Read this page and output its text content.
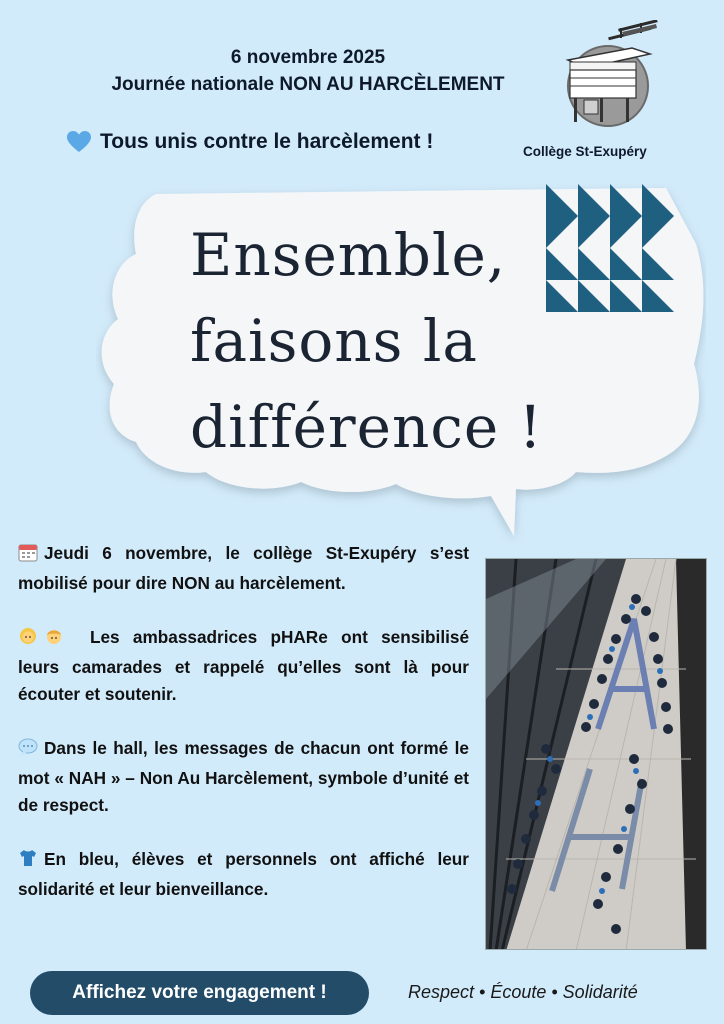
6 novembre 2025
Journée nationale NON AU HARCÈLEMENT
Tous unis contre le harcèlement !	Collège St-Exupéry
Ensemble,
faisons la
différence !

Jeudi 6 novembre, le collège St-Exupéry s’est mobilisé pour dire NON au harcèlement.

Les ambassadrices pHARe ont sensibilisé leurs camarades et rappelé qu’elles sont là pour écouter et soutenir.

Dans le hall, les messages de chacun ont formé le mot « NAH » – Non Au Harcèlement, symbole d’unité et de respect.

En bleu, élèves et personnels ont affiché leur solidarité et leur bienveillance.

Affichez votre engagement !	Respect • Écoute • Solidarité
